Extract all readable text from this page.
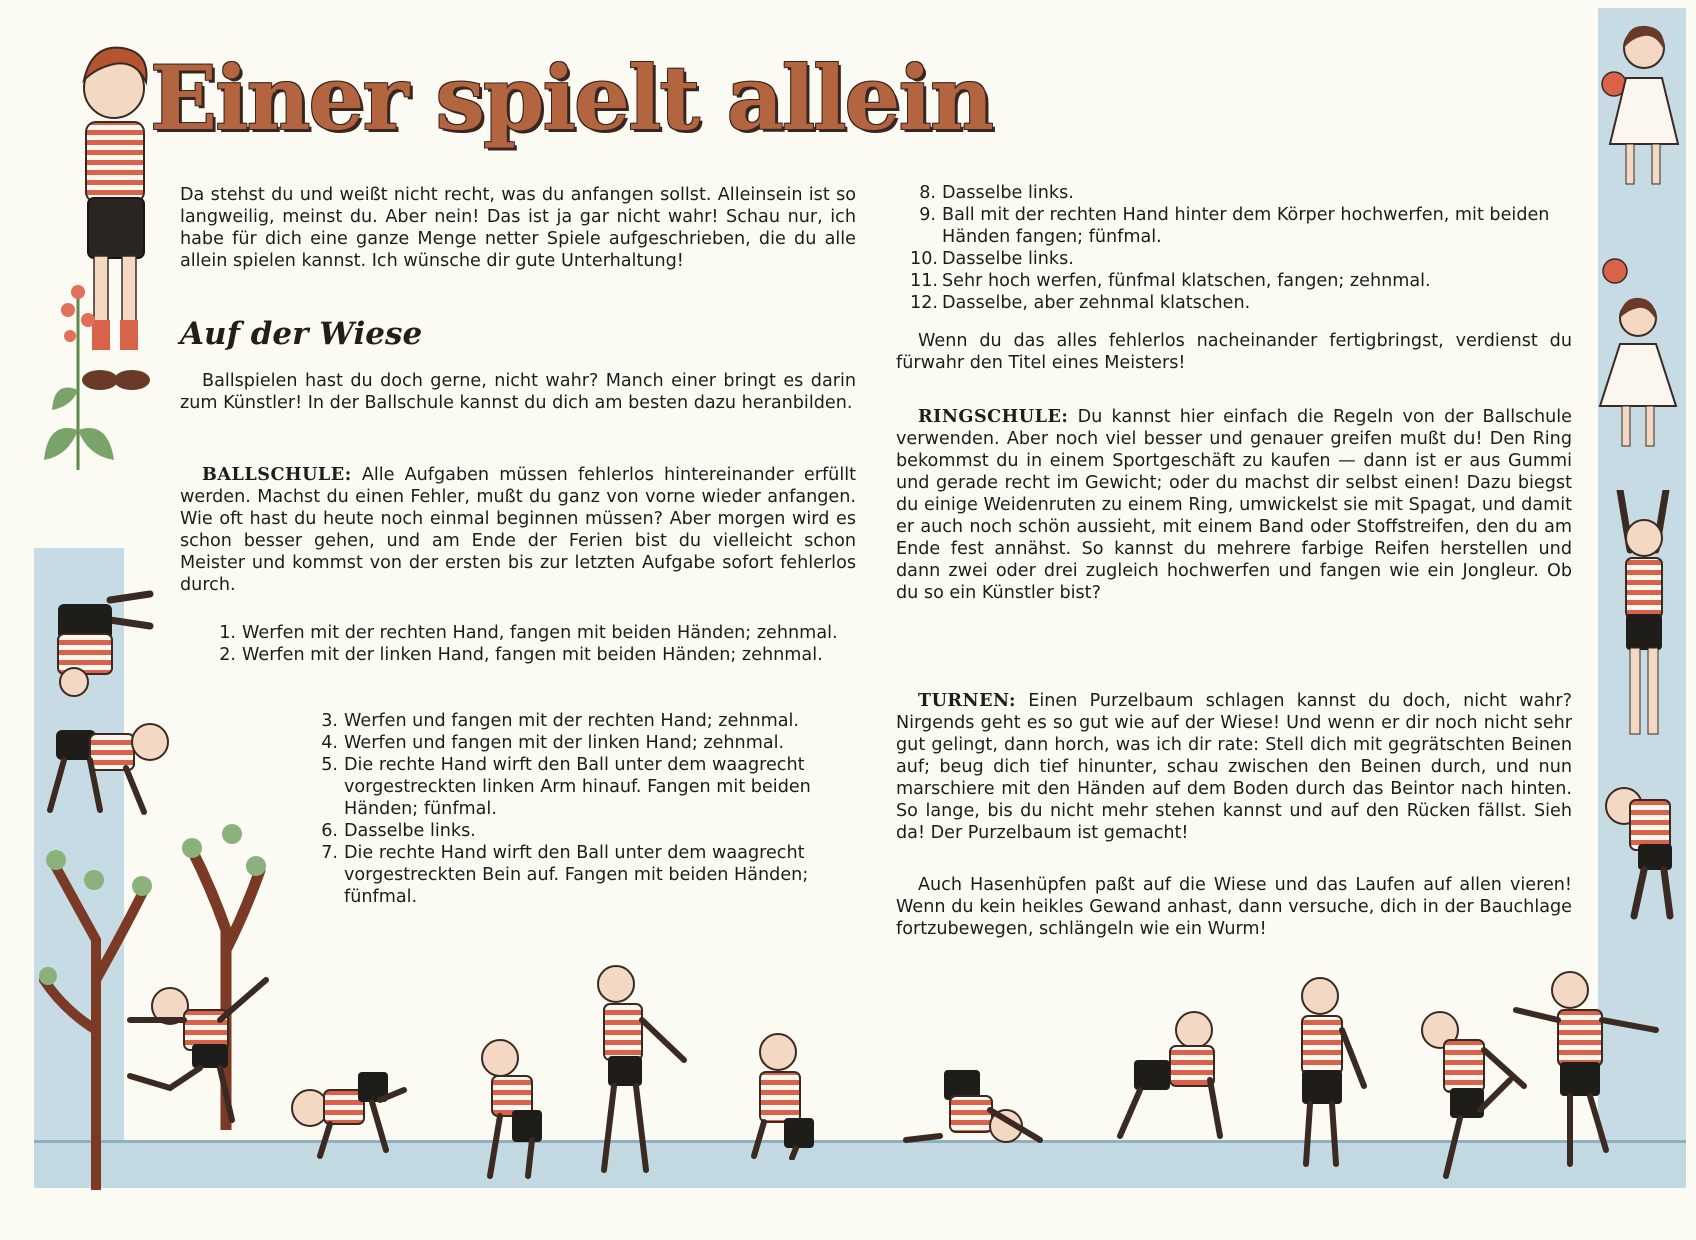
Einer spielt allein

Da stehst du und weißt nicht recht, was du anfangen sollst. Alleinsein ist so langweilig, meinst du. Aber nein! Das ist ja gar nicht wahr! Schau nur, ich habe für dich eine ganze Menge netter Spiele aufgeschrieben, die du alle allein spielen kannst. Ich wünsche dir gute Unterhaltung!

Auf der Wiese

Ballspielen hast du doch gerne, nicht wahr? Manch einer bringt es darin zum Künstler! In der Ballschule kannst du dich am besten dazu heranbilden.

BALLSCHULE: Alle Aufgaben müssen fehlerlos hintereinander erfüllt werden. Machst du einen Fehler, mußt du ganz von vorne wieder anfangen. Wie oft hast du heute noch einmal beginnen müssen? Aber morgen wird es schon besser gehen, und am Ende der Ferien bist du vielleicht schon Meister und kommst von der ersten bis zur letzten Aufgabe sofort fehlerlos durch.

1. Werfen mit der rechten Hand, fangen mit beiden Händen; zehnmal.
2. Werfen mit der linken Hand, fangen mit beiden Händen; zehnmal.
3. Werfen und fangen mit der rechten Hand; zehnmal.
4. Werfen und fangen mit der linken Hand; zehnmal.
5. Die rechte Hand wirft den Ball unter dem waagrecht vorgestreckten linken Arm hinauf. Fangen mit beiden Händen; fünfmal.
6. Dasselbe links.
7. Die rechte Hand wirft den Ball unter dem waagrecht vorgestreckten Bein auf. Fangen mit beiden Händen; fünfmal.
8. Dasselbe links.
9. Ball mit der rechten Hand hinter dem Körper hochwerfen, mit beiden Händen fangen; fünfmal.
10. Dasselbe links.
11. Sehr hoch werfen, fünfmal klatschen, fangen; zehnmal.
12. Dasselbe, aber zehnmal klatschen.

Wenn du das alles fehlerlos nacheinander fertigbringst, verdienst du fürwahr den Titel eines Meisters!

RINGSCHULE: Du kannst hier einfach die Regeln von der Ballschule verwenden. Aber noch viel besser und genauer greifen mußt du! Den Ring bekommst du in einem Sportgeschäft zu kaufen — dann ist er aus Gummi und gerade recht im Gewicht; oder du machst dir selbst einen! Dazu biegst du einige Weidenruten zu einem Ring, umwickelst sie mit Spagat, und damit er auch noch schön aussieht, mit einem Band oder Stoffstreifen, den du am Ende fest annähst. So kannst du mehrere farbige Reifen herstellen und dann zwei oder drei zugleich hochwerfen und fangen wie ein Jongleur. Ob du so ein Künstler bist?

TURNEN: Einen Purzelbaum schlagen kannst du doch, nicht wahr? Nirgends geht es so gut wie auf der Wiese! Und wenn er dir noch nicht sehr gut gelingt, dann horch, was ich dir rate: Stell dich mit gegrätschten Beinen auf; beug dich tief hinunter, schau zwischen den Beinen durch, und nun marschiere mit den Händen auf dem Boden durch das Beintor nach hinten. So lange, bis du nicht mehr stehen kannst und auf den Rücken fällst. Sieh da! Der Purzelbaum ist gemacht!

Auch Hasenhüpfen paßt auf die Wiese und das Laufen auf allen vieren! Wenn du kein heikles Gewand anhast, dann versuche, dich in der Bauchlage fortzubewegen, schlängeln wie ein Wurm!
